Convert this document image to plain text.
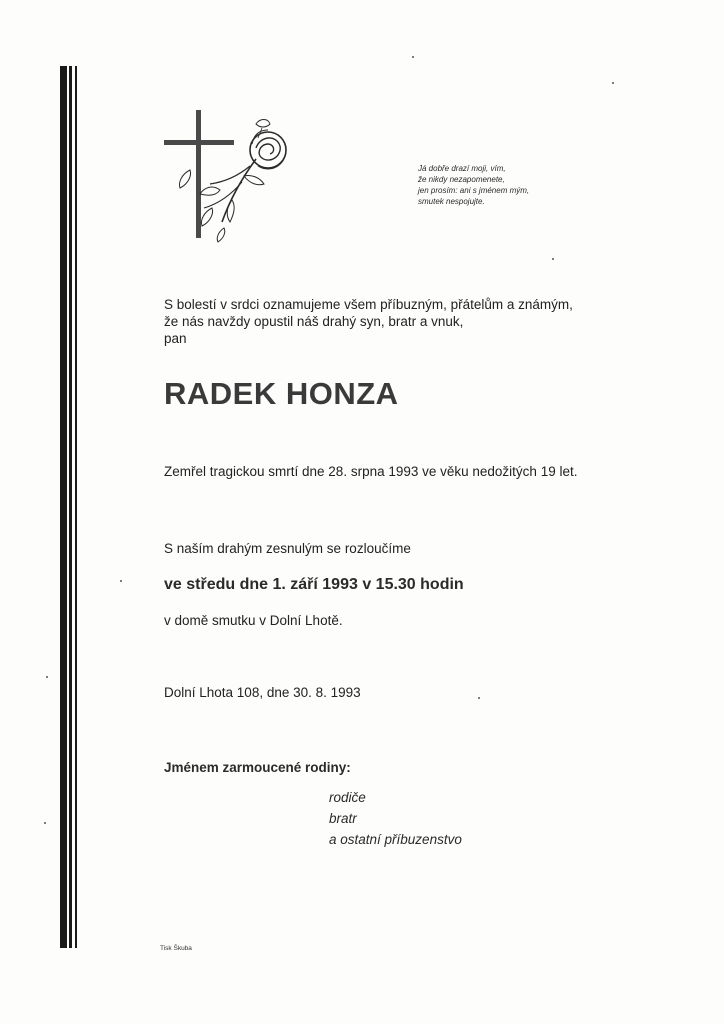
Já dobře drazí moji, vím,
že nikdy nezapomenete,
jen prosím: ani s jménem mým,
smutek nespojujte.
S bolestí v srdci oznamujeme všem příbuzným, přátelům a známým,
že nás navždy opustil náš drahý syn, bratr a vnuk,
pan
RADEK HONZA
Zemřel tragickou smrtí dne 28. srpna 1993 ve věku nedožitých 19 let.
S naším drahým zesnulým se rozloučíme
ve středu dne 1. září 1993 v 15.30 hodin
v domě smutku v Dolní Lhotě.
Dolní Lhota 108, dne 30. 8. 1993
Jménem zarmoucené rodiny:
rodiče
bratr
a ostatní příbuzenstvo
Tisk Škuba
